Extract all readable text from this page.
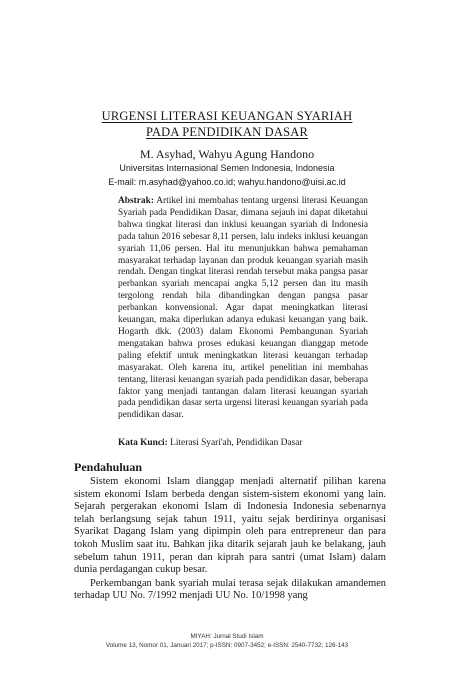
URGENSI LITERASI KEUANGAN SYARIAH
PADA PENDIDIKAN DASAR
M. Asyhad, Wahyu Agung Handono
Universitas Internasional Semen Indonesia, Indonesia
E-mail: m.asyhad@yahoo.co.id; wahyu.handono@uisi.ac.id
Abstrak: Artikel ini membahas tentang urgensi literasi Keuangan Syariah pada Pendidikan Dasar, dimana sejauh ini dapat diketahui bahwa tingkat literasi dan inklusi keuangan syariah di Indonesia pada tahun 2016 sebesar 8,11 persen, lalu indeks inklusi keuangan syariah 11,06 persen. Hal itu menunjukkan bahwa pemahaman masyarakat terhadap layanan dan produk keuangan syariah masih rendah. Dengan tingkat literasi rendah tersebut maka pangsa pasar perbankan syariah mencapai angka 5,12 persen dan itu masih tergolong rendah bila dibandingkan dengan pangsa pasar perbankan konvensional. Agar dapat meningkatkan literasi keuangan, maka diperlukan adanya edukasi keuangan yang baik. Hogarth dkk. (2003) dalam Ekonomi Pembangunan Syariah mengatakan bahwa proses edukasi keuangan dianggap metode paling efektif untuk meningkatkan literasi keuangan terhadap masyarakat. Oleh karena itu, artikel penelitian ini membahas tentang, literasi keuangan syariah pada pendidikan dasar, beberapa faktor yang menjadi tantangan dalam literasi keuangan syariah pada pendidikan dasar serta urgensi literasi keuangan syariah pada pendidikan dasar.
Kata Kunci: Literasi Syari'ah, Pendidikan Dasar
Pendahuluan

Sistem ekonomi Islam dianggap menjadi alternatif pilihan karena sistem ekonomi Islam berbeda dengan sistem-sistem ekonomi yang lain. Sejarah pergerakan ekonomi Islam di Indonesia Indonesia sebenarnya telah berlangsung sejak tahun 1911, yaitu sejak berdirinya organisasi Syarikat Dagang Islam yang dipimpin oleh para entrepreneur dan para tokoh Muslim saat itu. Bahkan jika ditarik sejarah jauh ke belakang, jauh sebelum tahun 1911, peran dan kiprah para santri (umat Islam) dalam dunia perdagangan cukup besar.

Perkembangan bank syariah mulai terasa sejak dilakukan amandemen terhadap UU No. 7/1992 menjadi UU No. 10/1998 yang

MIYAH: Jurnal Studi Islam
Volume 13, Nomor 01, Januari 2017; p-ISSN: 0907-3452; e-ISSN: 2540-7732; 126-143
